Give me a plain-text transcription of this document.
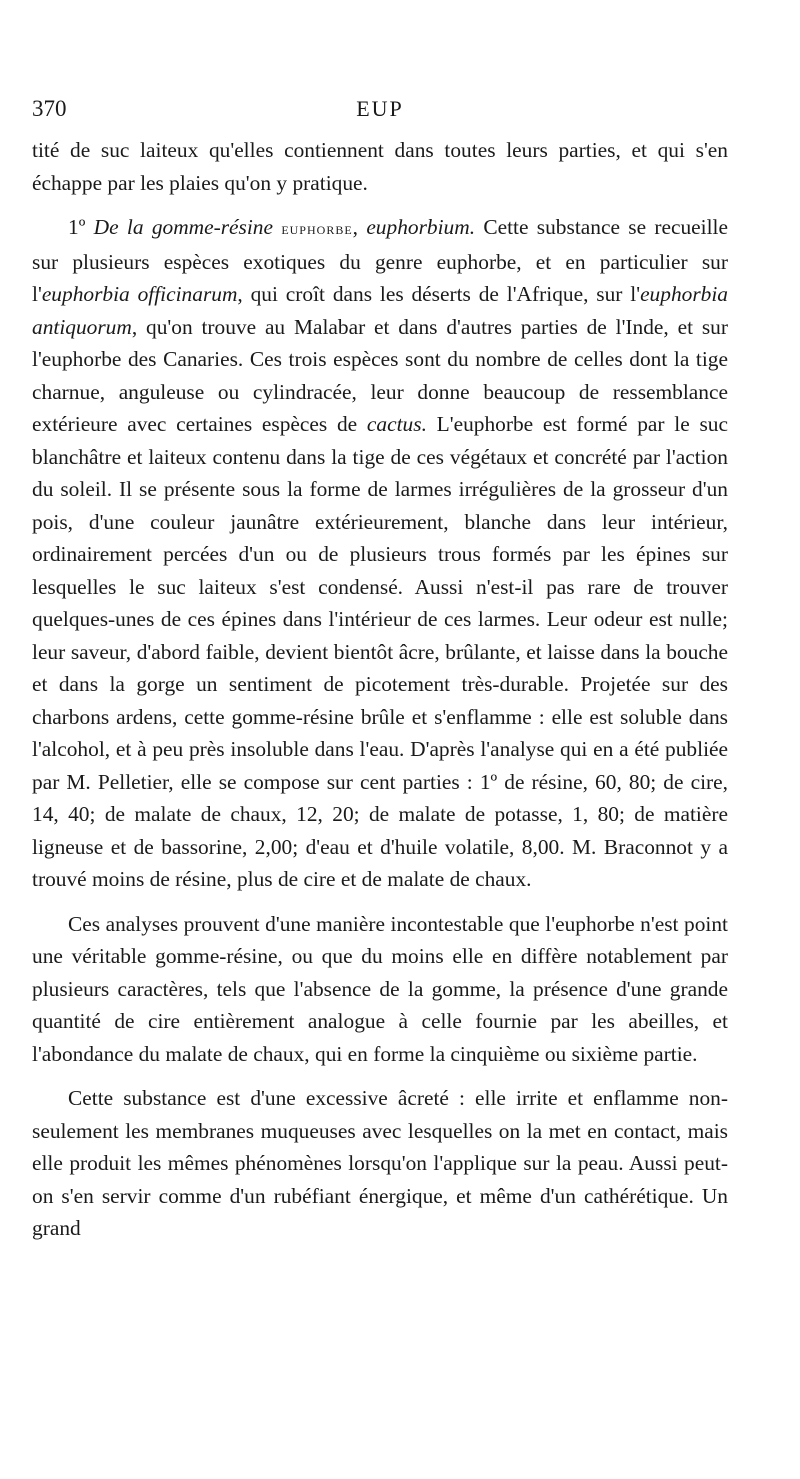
370	EUP

tité de suc laiteux qu'elles contiennent dans toutes leurs parties, et qui s'en échappe par les plaies qu'on y pratique.

1º De la gomme-résine euphorbe, euphorbium. Cette substance se recueille sur plusieurs espèces exotiques du genre euphorbe, et en particulier sur l'euphorbia officinarum, qui croît dans les déserts de l'Afrique, sur l'euphorbia antiquorum, qu'on trouve au Malabar et dans d'autres parties de l'Inde, et sur l'euphorbe des Canaries. Ces trois espèces sont du nombre de celles dont la tige charnue, anguleuse ou cylindracée, leur donne beaucoup de ressemblance extérieure avec certaines espèces de cactus. L'euphorbe est formé par le suc blanchâtre et laiteux contenu dans la tige de ces végétaux et concrété par l'action du soleil. Il se présente sous la forme de larmes irrégulières de la grosseur d'un pois, d'une couleur jaunâtre extérieurement, blanche dans leur intérieur, ordinairement percées d'un ou de plusieurs trous formés par les épines sur lesquelles le suc laiteux s'est condensé. Aussi n'est-il pas rare de trouver quelques-unes de ces épines dans l'intérieur de ces larmes. Leur odeur est nulle; leur saveur, d'abord faible, devient bientôt âcre, brûlante, et laisse dans la bouche et dans la gorge un sentiment de picotement très-durable. Projetée sur des charbons ardens, cette gomme-résine brûle et s'enflamme : elle est soluble dans l'alcohol, et à peu près insoluble dans l'eau. D'après l'analyse qui en a été publiée par M. Pelletier, elle se compose sur cent parties : 1º de résine, 60, 80; de cire, 14, 40; de malate de chaux, 12, 20; de malate de potasse, 1, 80; de matière ligneuse et de bassorine, 2,00; d'eau et d'huile volatile, 8,00. M. Braconnot y a trouvé moins de résine, plus de cire et de malate de chaux.

Ces analyses prouvent d'une manière incontestable que l'euphorbe n'est point une véritable gomme-résine, ou que du moins elle en diffère notablement par plusieurs caractères, tels que l'absence de la gomme, la présence d'une grande quantité de cire entièrement analogue à celle fournie par les abeilles, et l'abondance du malate de chaux, qui en forme la cinquième ou sixième partie.

Cette substance est d'une excessive âcreté : elle irrite et enflamme non-seulement les membranes muqueuses avec lesquelles on la met en contact, mais elle produit les mêmes phénomènes lorsqu'on l'applique sur la peau. Aussi peut-on s'en servir comme d'un rubéfiant énergique, et même d'un cathérétique. Un grand
